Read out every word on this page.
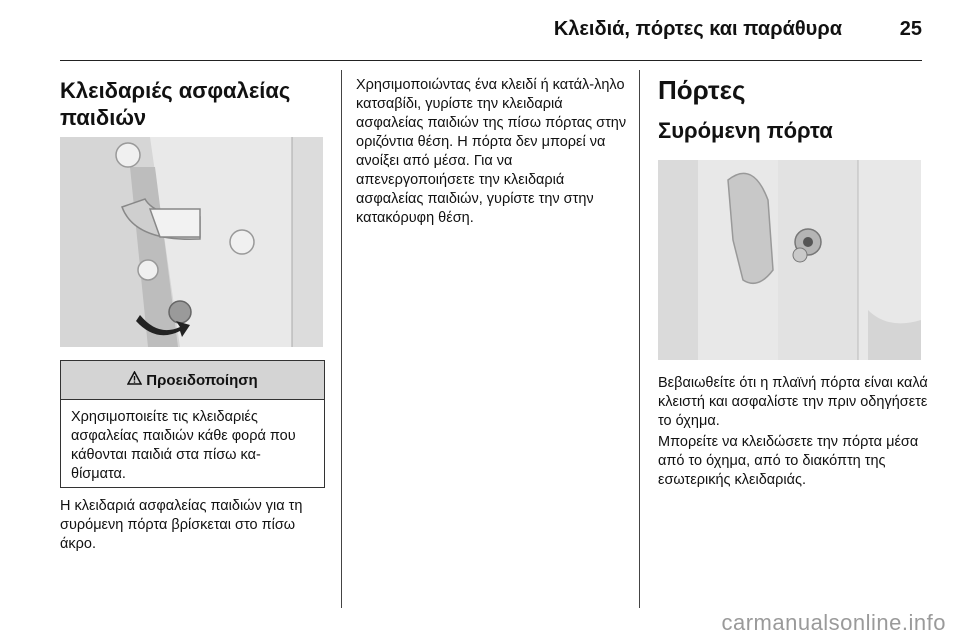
Κλειδιά, πόρτες και παράθυρα	25
Κλειδαριές ασφαλείας παιδιών
Προειδοποίηση
Χρησιμοποιείτε τις κλειδαριές ασφαλείας παιδιών κάθε φορά που κάθονται παιδιά στα πίσω κα-θίσματα.
Η κλειδαριά ασφαλείας παιδιών για τη συρόμενη πόρτα βρίσκεται στο πίσω άκρο.
Χρησιμοποιώντας ένα κλειδί ή κατάλ-ληλο κατσαβίδι, γυρίστε την κλειδαριά ασφαλείας παιδιών της πίσω πόρτας στην οριζόντια θέση. Η πόρτα δεν μπορεί να ανοίξει από μέσα. Για να απενεργοποιήσετε την κλειδαριά ασφαλείας παιδιών, γυρίστε την στην κατακόρυφη θέση.
Πόρτες
Συρόμενη πόρτα
Βεβαιωθείτε ότι η πλαϊνή πόρτα είναι καλά κλειστή και ασφαλίστε την πριν οδηγήσετε το όχημα.
Μπορείτε να κλειδώσετε την πόρτα μέσα από το όχημα, από το διακόπτη της εσωτερικής κλειδαριάς.
carmanualsonline.info
